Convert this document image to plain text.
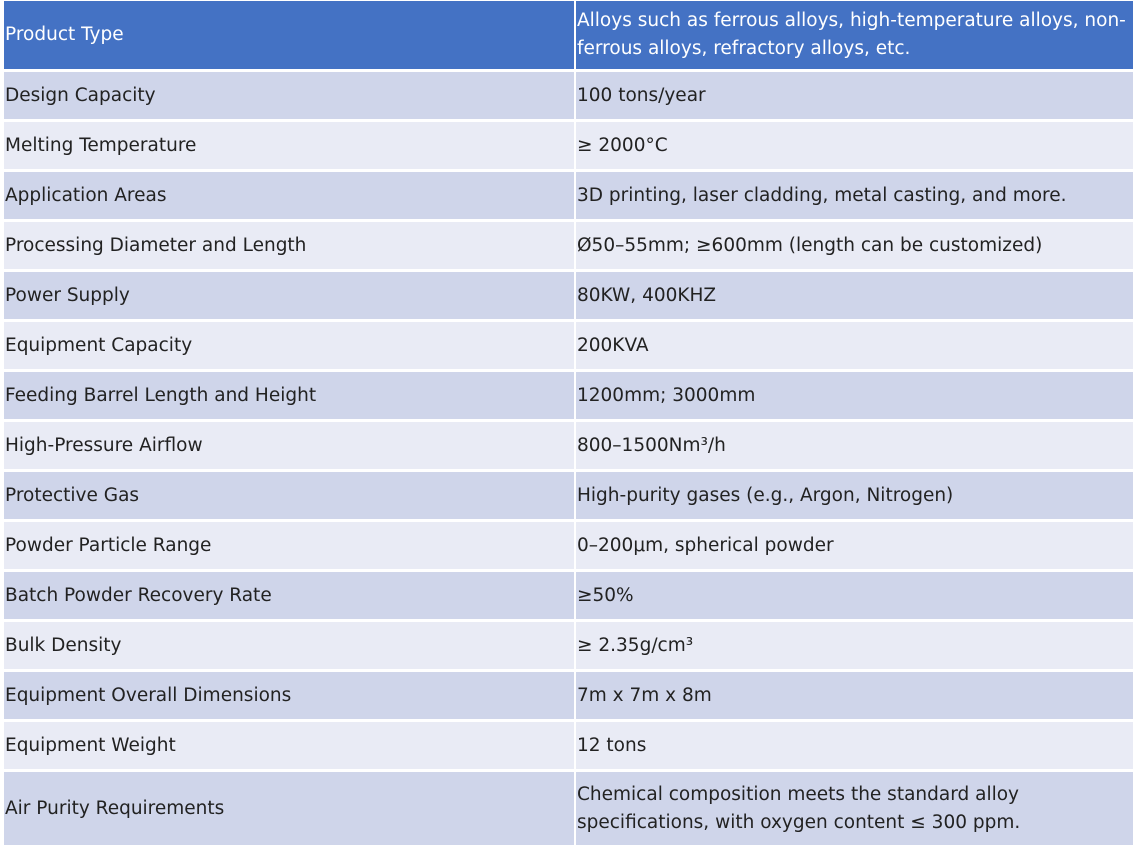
Product Type	Alloys such as ferrous alloys, high-temperature alloys, non-ferrous alloys, refractory alloys, etc.
Design Capacity	100 tons/year
Melting Temperature	≥ 2000°C
Application Areas	3D printing, laser cladding, metal casting, and more.
Processing Diameter and Length	Ø50–55mm; ≥600mm (length can be customized)
Power Supply	80KW, 400KHZ
Equipment Capacity	200KVA
Feeding Barrel Length and Height	1200mm; 3000mm
High-Pressure Airflow	800–1500Nm³/h
Protective Gas	High-purity gases (e.g., Argon, Nitrogen)
Powder Particle Range	0–200μm, spherical powder
Batch Powder Recovery Rate	≥50%
Bulk Density	≥ 2.35g/cm³
Equipment Overall Dimensions	7m x 7m x 8m
Equipment Weight	12 tons
Air Purity Requirements	Chemical composition meets the standard alloy specifications, with oxygen content ≤ 300 ppm.
